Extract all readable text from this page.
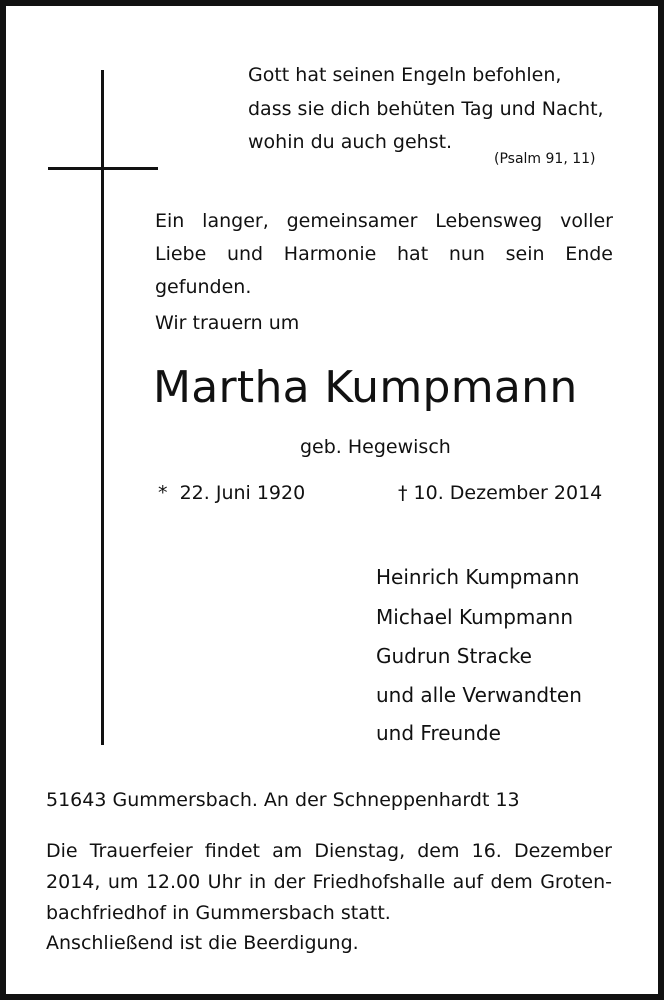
Gott hat seinen Engeln befohlen,
dass sie dich behüten Tag und Nacht,
wohin du auch gehst.
(Psalm 91, 11)
Ein langer, gemeinsamer Lebensweg voller
Liebe und Harmonie hat nun sein Ende
gefunden.
Wir trauern um
Martha Kumpmann
geb. Hegewisch
*  22. Juni 1920	† 10. Dezember 2014
Heinrich Kumpmann
Michael Kumpmann
Gudrun Stracke
und alle Verwandten
und Freunde
51643 Gummersbach. An der Schneppenhardt 13
Die Trauerfeier findet am Dienstag, dem 16. Dezember
2014, um 12.00 Uhr in der Friedhofshalle auf dem Groten-
bachfriedhof in Gummersbach statt.
Anschließend ist die Beerdigung.
